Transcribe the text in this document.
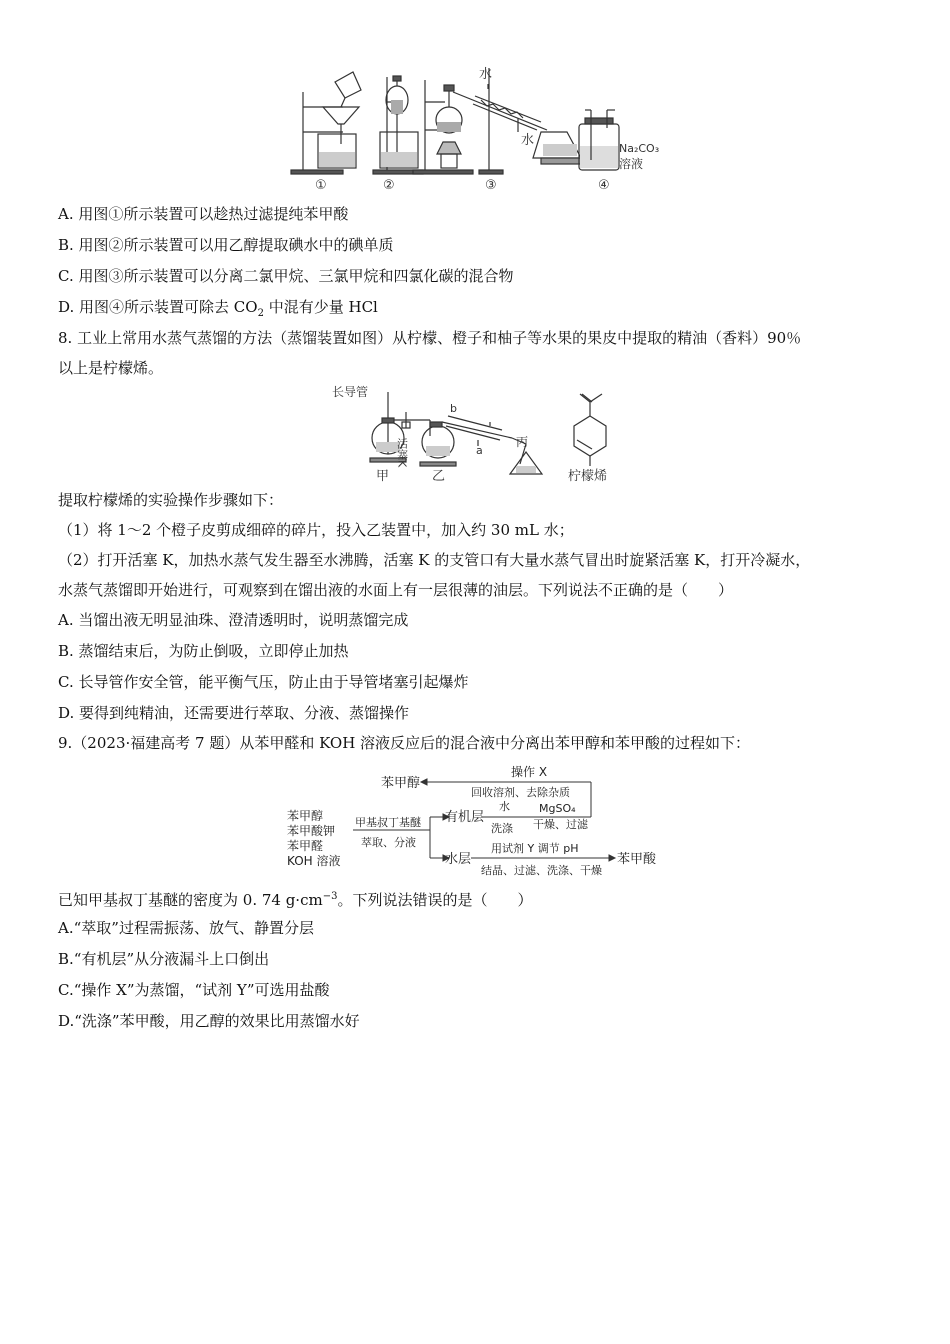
水
水
Na₂CO₃
溶液
①	②	③	④
A. 用图①所示装置可以趁热过滤提纯苯甲酸
B. 用图②所示装置可以用乙醇提取碘水中的碘单质
C. 用图③所示装置可以分离二氯甲烷、三氯甲烷和四氯化碳的混合物
D. 用图④所示装置可除去 $CO_2$ 中混有少量 HCl
8. 工业上常用水蒸气蒸馏的方法（蒸馏装置如图）从柠檬、橙子和柚子等水果的果皮中提取的精油（香料）90％
以上是柠檬烯。
长导管
活塞K
b
a
丙
甲	乙	柠檬烯
提取柠檬烯的实验操作步骤如下：
（1）将 1～2 个橙子皮剪成细碎的碎片，投入乙装置中，加入约 30 mL 水；
（2）打开活塞 K，加热水蒸气发生器至水沸腾，活塞 K 的支管口有大量水蒸气冒出时旋紧活塞 K，打开冷凝水，
水蒸气蒸馏即开始进行，可观察到在馏出液的水面上有一层很薄的油层。下列说法不正确的是（　　）
A. 当馏出液无明显油珠、澄清透明时，说明蒸馏完成
B. 蒸馏结束后，为防止倒吸，立即停止加热
C. 长导管作安全管，能平衡气压，防止由于导管堵塞引起爆炸
D. 要得到纯精油，还需要进行萃取、分液、蒸馏操作
9.（2023·福建高考 7 题）从苯甲醛和 KOH 溶液反应后的混合液中分离出苯甲醇和苯甲酸的过程如下：
苯甲醇
操作 X
回收溶剂、去除杂质
水	MgSO₄
有机层
洗涤 干燥、过滤
苯甲醇
苯甲酸钾
苯甲醛
KOH 溶液
甲基叔丁基醚
萃取、分液
水层
用试剂 Y 调节 pH
结晶、过滤、洗涤、干燥
苯甲酸
已知甲基叔丁基醚的密度为 0. 74 $g\cdot cm^{-3}$。下列说法错误的是（　　）
A.“萃取”过程需振荡、放气、静置分层
B.“有机层”从分液漏斗上口倒出
C.“操作 X”为蒸馏，“试剂 Y”可选用盐酸
D.“洗涤”苯甲酸，用乙醇的效果比用蒸馏水好
